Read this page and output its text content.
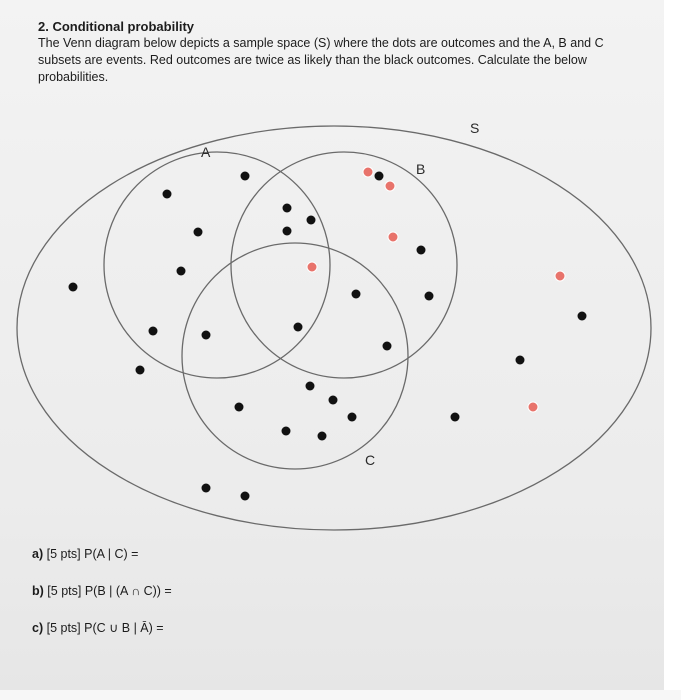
2. Conditional probability
The Venn diagram below depicts a sample space (S) where the dots are outcomes and the A, B and C subsets are events. Red outcomes are twice as likely than the black outcomes. Calculate the below probabilities.
S
A
B
C
a) [5 pts] P(A | C) =
b) [5 pts] P(B | (A ∩ C)) =
c) [5 pts] P(C ∪ B | Ā) =
